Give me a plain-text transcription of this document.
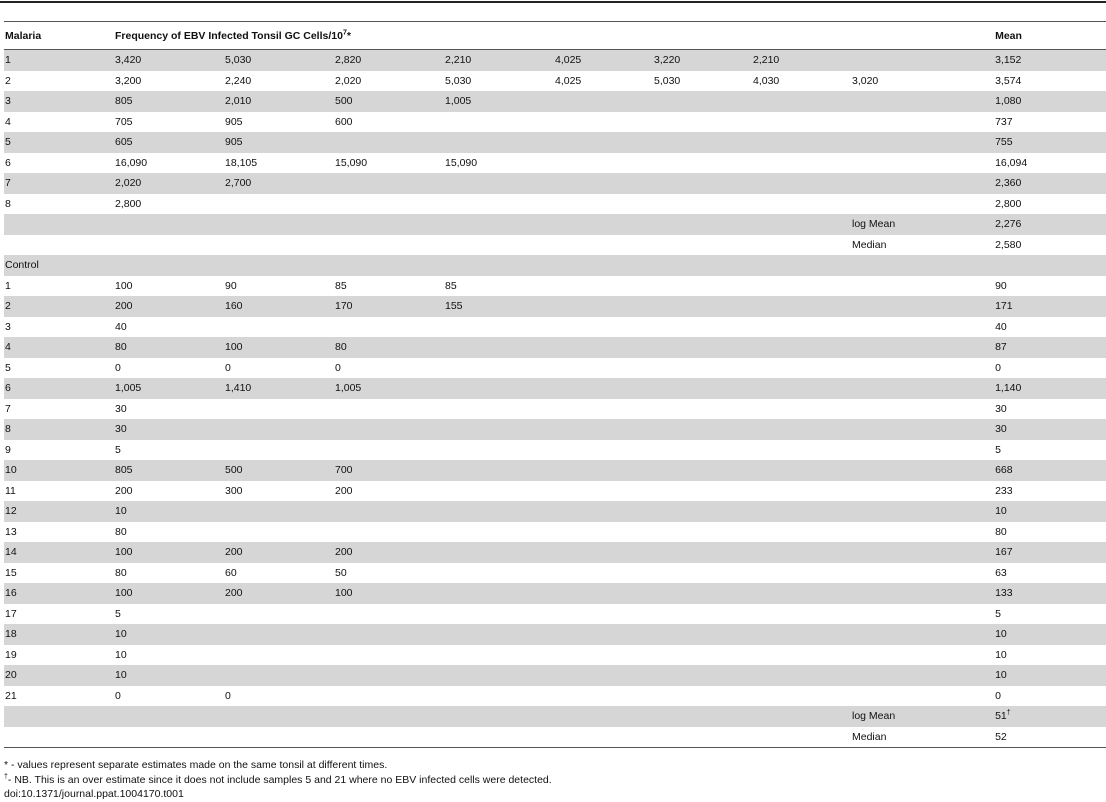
Malaria	Frequency of EBV Infected Tonsil GC Cells/$10^7*$								Mean
1	3,420	5,030	2,820	2,210	4,025	3,220	2,210		3,152
2	3,200	2,240	2,020	5,030	4,025	5,030	4,030	3,020	3,574
3	805	2,010	500	1,005					1,080
4	705	905	600						737
5	605	905							755
6	16,090	18,105	15,090	15,090					16,094
7	2,020	2,700							2,360
8	2,800								2,800
								log Mean	2,276
								Median	2,580
Control									
1	100	90	85	85					90
2	200	160	170	155					171
3	40								40
4	80	100	80						87
5	0	0	0						0
6	1,005	1,410	1,005						1,140
7	30								30
8	30								30
9	5								5
10	805	500	700						668
11	200	300	200						233
12	10								10
13	80								80
14	100	200	200						167
15	80	60	50						63
16	100	200	100						133
17	5								5
18	10								10
19	10								10
20	10								10
21	0	0							0
								log Mean	51†
								Median	52
* - values represent separate estimates made on the same tonsil at different times.
†- NB. This is an over estimate since it does not include samples 5 and 21 where no EBV infected cells were detected.
doi:10.1371/journal.ppat.1004170.t001
